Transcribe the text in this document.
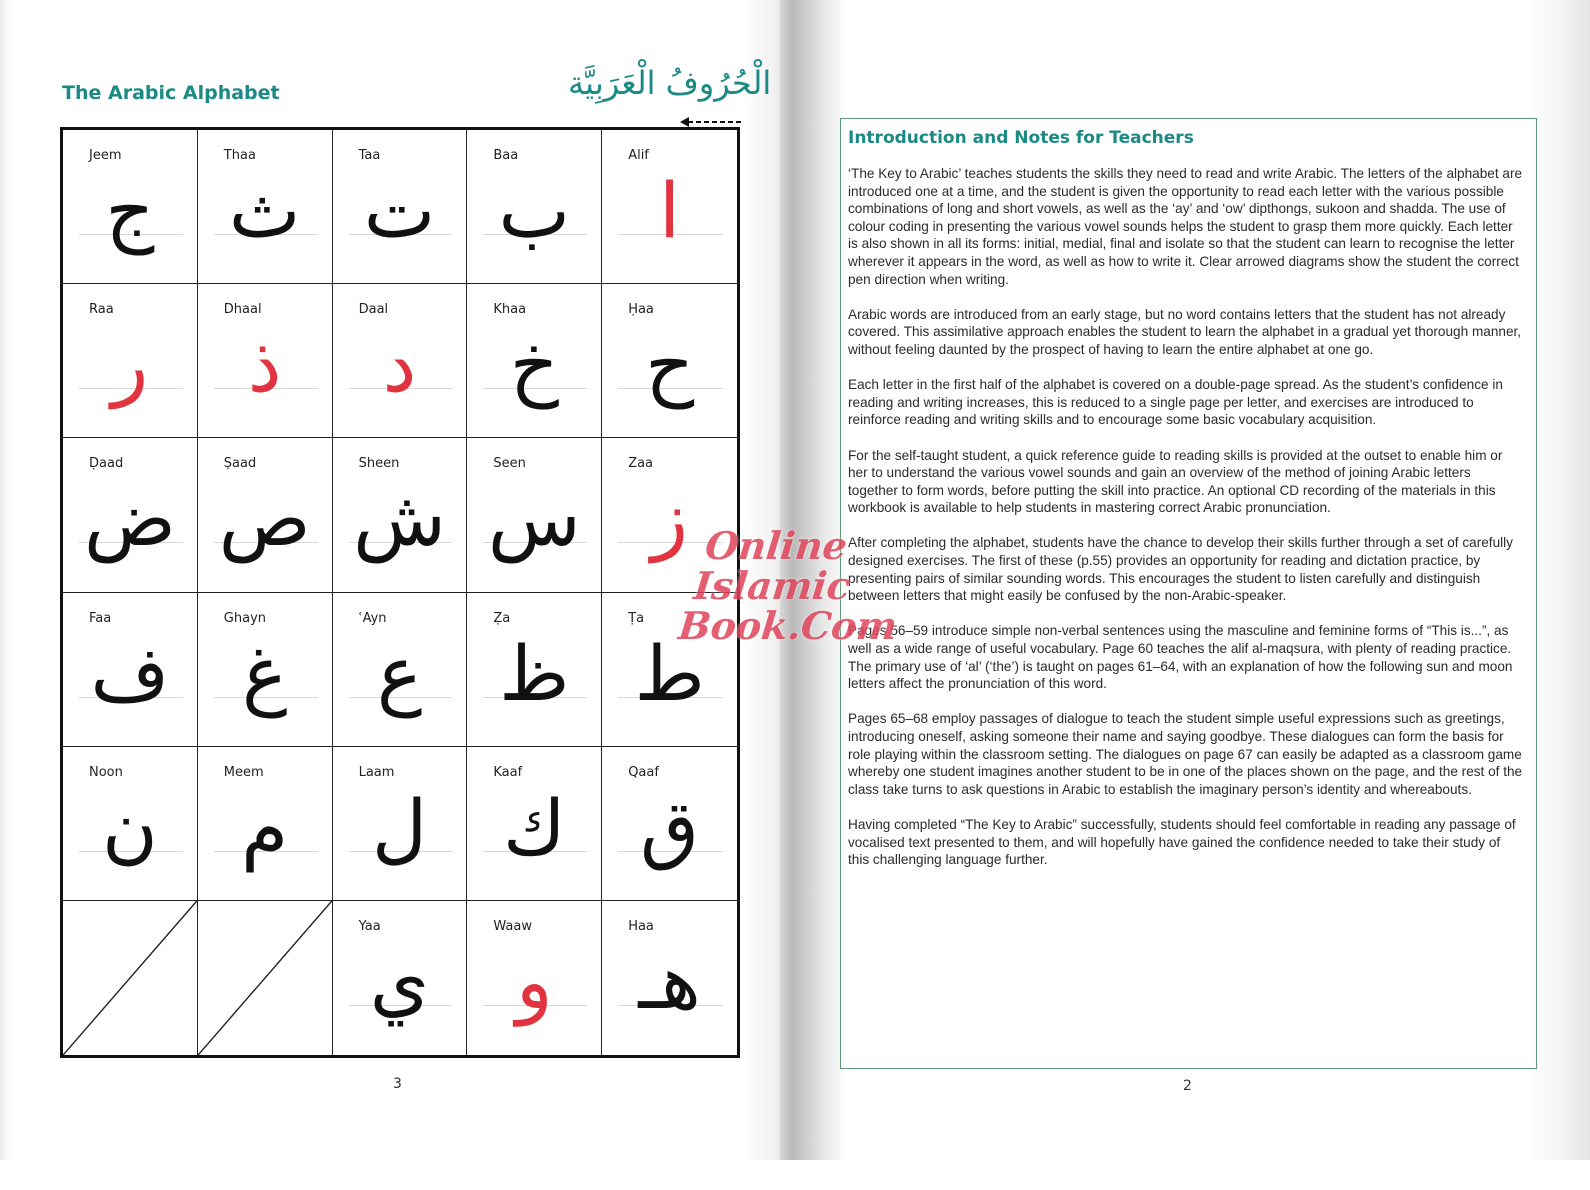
The Arabic Alphabet	الْحُرُوفُ الْعَرَبِيَّة
Jeem
ج
Thaa
ث
Taa
ت
Baa
ب
Alif
ا
Raa
ر
Dhaal
ذ
Daal
د
Khaa
خ
Ḥaa
ح
Ḍaad
ض
Ṣaad
ص
Sheen
ش
Seen
س
Zaa
ز
Faa
ف
Ghayn
غ
ʿAyn
ع
Ẓa
ظ
Ṭa
ط
Noon
ن
Meem
م
Laam
ل
Kaaf
ك
Qaaf
ق
Yaa
ي
Waaw
و
Haa
هـ
3
Introduction and Notes for Teachers

‘The Key to Arabic’ teaches students the skills they need to read and write Arabic. The letters of the alphabet are introduced one at a time, and the student is given the opportunity to read each letter with the various possible combinations of long and short vowels, as well as the ‘ay’ and ‘ow’ dipthongs, sukoon and shadda. The use of colour coding in presenting the various vowel sounds helps the student to grasp them more quickly. Each letter is also shown in all its forms: initial, medial, final and isolate so that the student can learn to recognise the letter wherever it appears in the word, as well as how to write it. Clear arrowed diagrams show the student the correct pen direction when writing.

Arabic words are introduced from an early stage, but no word contains letters that the student has not already covered. This assimilative approach enables the student to learn the alphabet in a gradual yet thorough manner, without feeling daunted by the prospect of having to learn the entire alphabet at one go.

Each letter in the first half of the alphabet is covered on a double-page spread. As the student’s confidence in reading and writing increases, this is reduced to a single page per letter, and exercises are introduced to reinforce reading and writing skills and to encourage some basic vocabulary acquisition.

For the self-taught student, a quick reference guide to reading skills is provided at the outset to enable him or her to understand the various vowel sounds and gain an overview of the method of joining Arabic letters together to form words, before putting the skill into practice. An optional CD recording of the materials in this workbook is available to help students in mastering correct Arabic pronunciation.

After completing the alphabet, students have the chance to develop their skills further through a set of carefully designed exercises. The first of these (p.55) provides an opportunity for reading and dictation practice, by presenting pairs of similar sounding words. This encourages the student to listen carefully and distinguish between letters that might easily be confused by the non-Arabic-speaker.

Pages 56–59 introduce simple non-verbal sentences using the masculine and feminine forms of “This is...”, as well as a wide range of useful vocabulary. Page 60 teaches the alif al-maqsura, with plenty of reading practice. The primary use of ‘al’ (‘the’) is taught on pages 61–64, with an explanation of how the following sun and moon letters affect the pronunciation of this word.

Pages 65–68 employ passages of dialogue to teach the student simple useful expressions such as greetings, introducing oneself, asking someone their name and saying goodbye. These dialogues can form the basis for role playing within the classroom setting. The dialogues on page 67 can easily be adapted as a classroom game whereby one student imagines another student to be in one of the places shown on the page, and the rest of the class take turns to ask questions in Arabic to establish the imaginary person’s identity and whereabouts.

Having completed “The Key to Arabic” successfully, students should feel comfortable in reading any passage of vocalised text presented to them, and will hopefully have gained the confidence needed to take their study of this challenging language further.

2
Online Islamic
Book.Com
